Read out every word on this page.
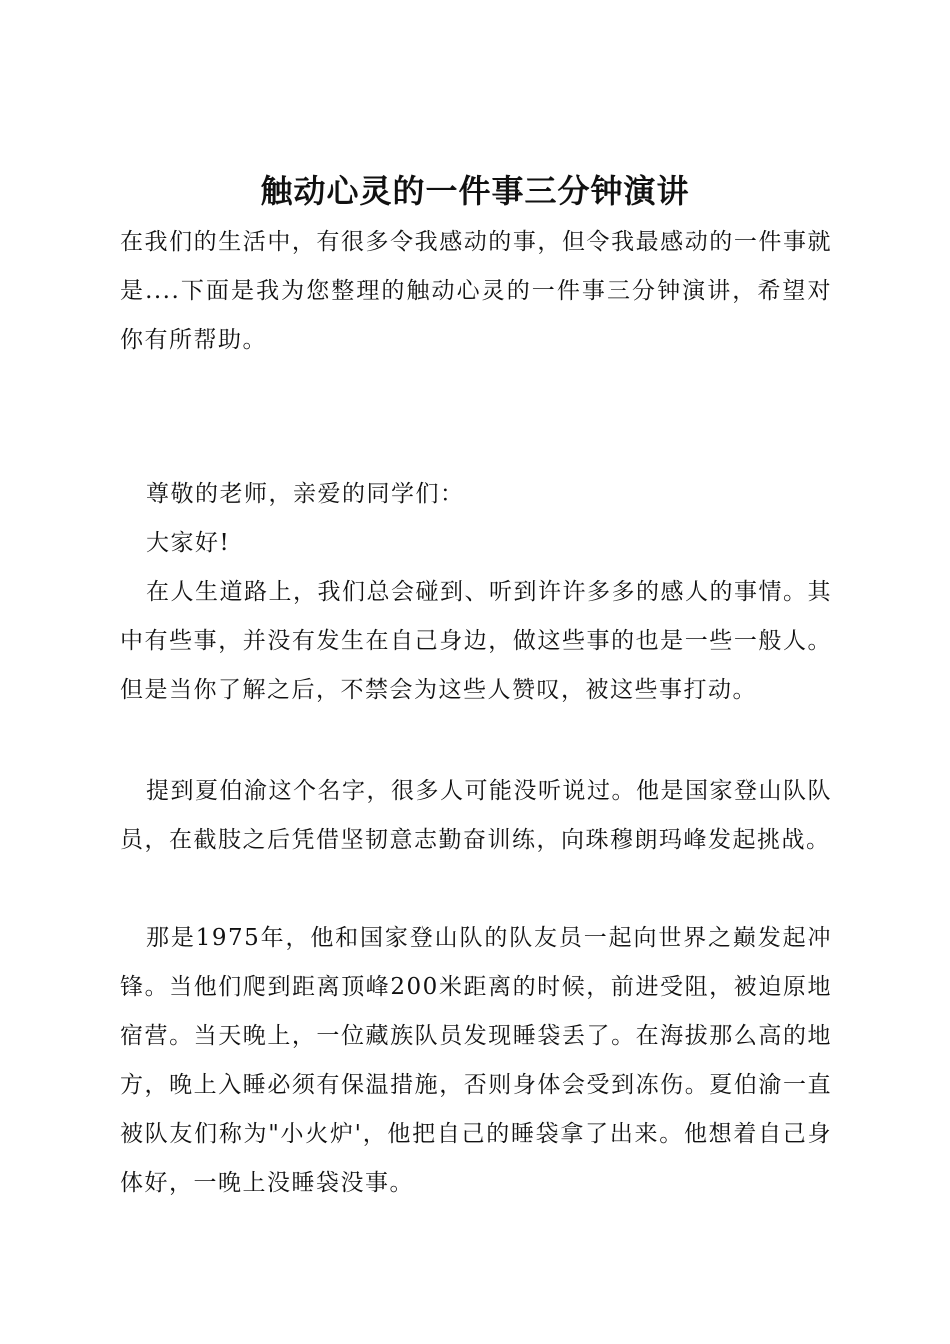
触动心灵的一件事三分钟演讲

在我们的生活中，有很多令我感动的事，但令我最感动的一件事就是....下面是我为您整理的触动心灵的一件事三分钟演讲，希望对你有所帮助。

尊敬的老师，亲爱的同学们：

大家好!

在人生道路上，我们总会碰到、听到许许多多的感人的事情。其中有些事，并没有发生在自己身边，做这些事的也是一些一般人。但是当你了解之后，不禁会为这些人赞叹，被这些事打动。

提到夏伯渝这个名字，很多人可能没听说过。他是国家登山队队员，在截肢之后凭借坚韧意志勤奋训练，向珠穆朗玛峰发起挑战。

那是1975年，他和国家登山队的队友员一起向世界之巅发起冲锋。当他们爬到距离顶峰200米距离的时候，前进受阻，被迫原地宿营。当天晚上，一位藏族队员发现睡袋丢了。在海拔那么高的地方，晚上入睡必须有保温措施，否则身体会受到冻伤。夏伯渝一直被队友们称为"小火炉'，他把自己的睡袋拿了出来。他想着自己身体好，一晚上没睡袋没事。
